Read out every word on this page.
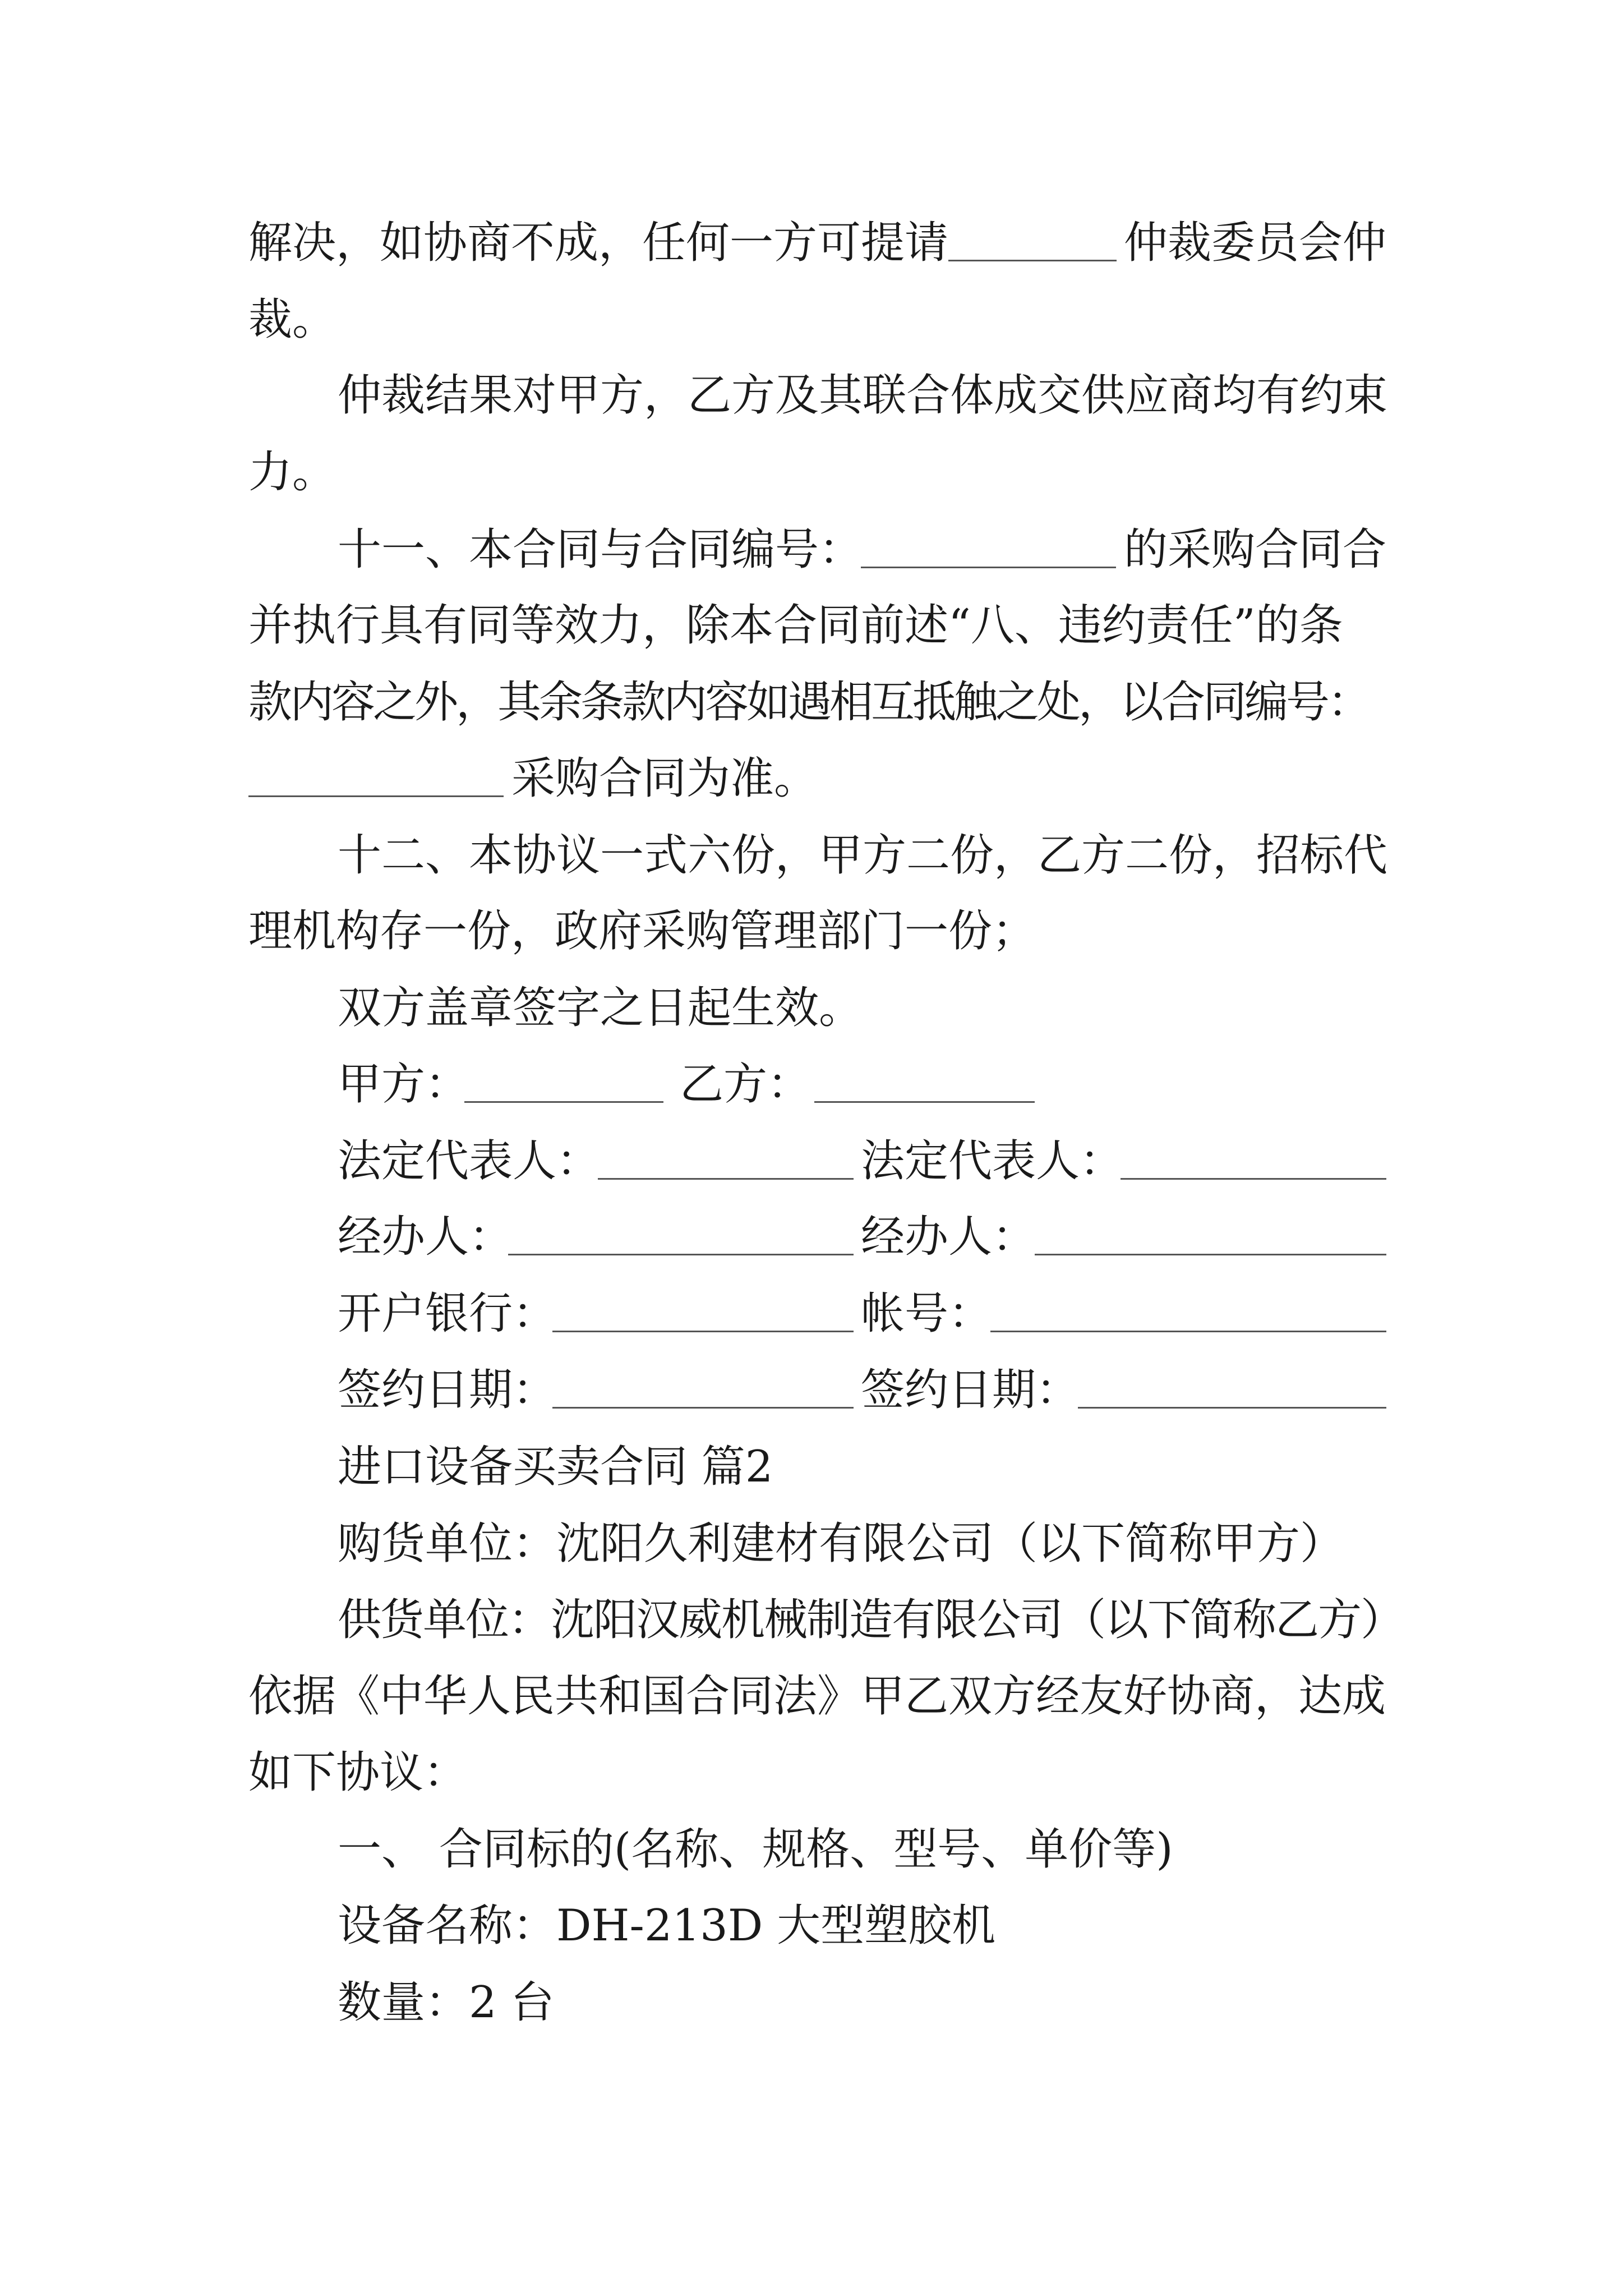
解决，如协商不成，任何一方可提请	仲裁委员会仲
裁。
仲裁结果对甲方，乙方及其联合体成交供应商均有约束
力。
十一、本合同与合同编号：	的采购合同合
并执行具有同等效力，除本合同前述“八、违约责任”的条
款内容之外，其余条款内容如遇相互抵触之处，以合同编号：
采购合同为准。
十二、本协议一式六份，甲方二份，乙方二份，招标代
理机构存一份，政府采购管理部门一份；
双方盖章签字之日起生效。
甲方：	乙方：
法定代表人：	法定代表人：
经办人：	经办人：
开户银行：	帐号：
签约日期：	签约日期：
进口设备买卖合同 篇2
购货单位：沈阳久利建材有限公司（以下简称甲方）
供货单位：沈阳汉威机械制造有限公司（以下简称乙方）
依据《中华人民共和国合同法》甲乙双方经友好协商，达成
如下协议：
一、 合同标的(名称、规格、型号、单价等)
设备名称：DH-213D 大型塑胶机
数量：2 台
